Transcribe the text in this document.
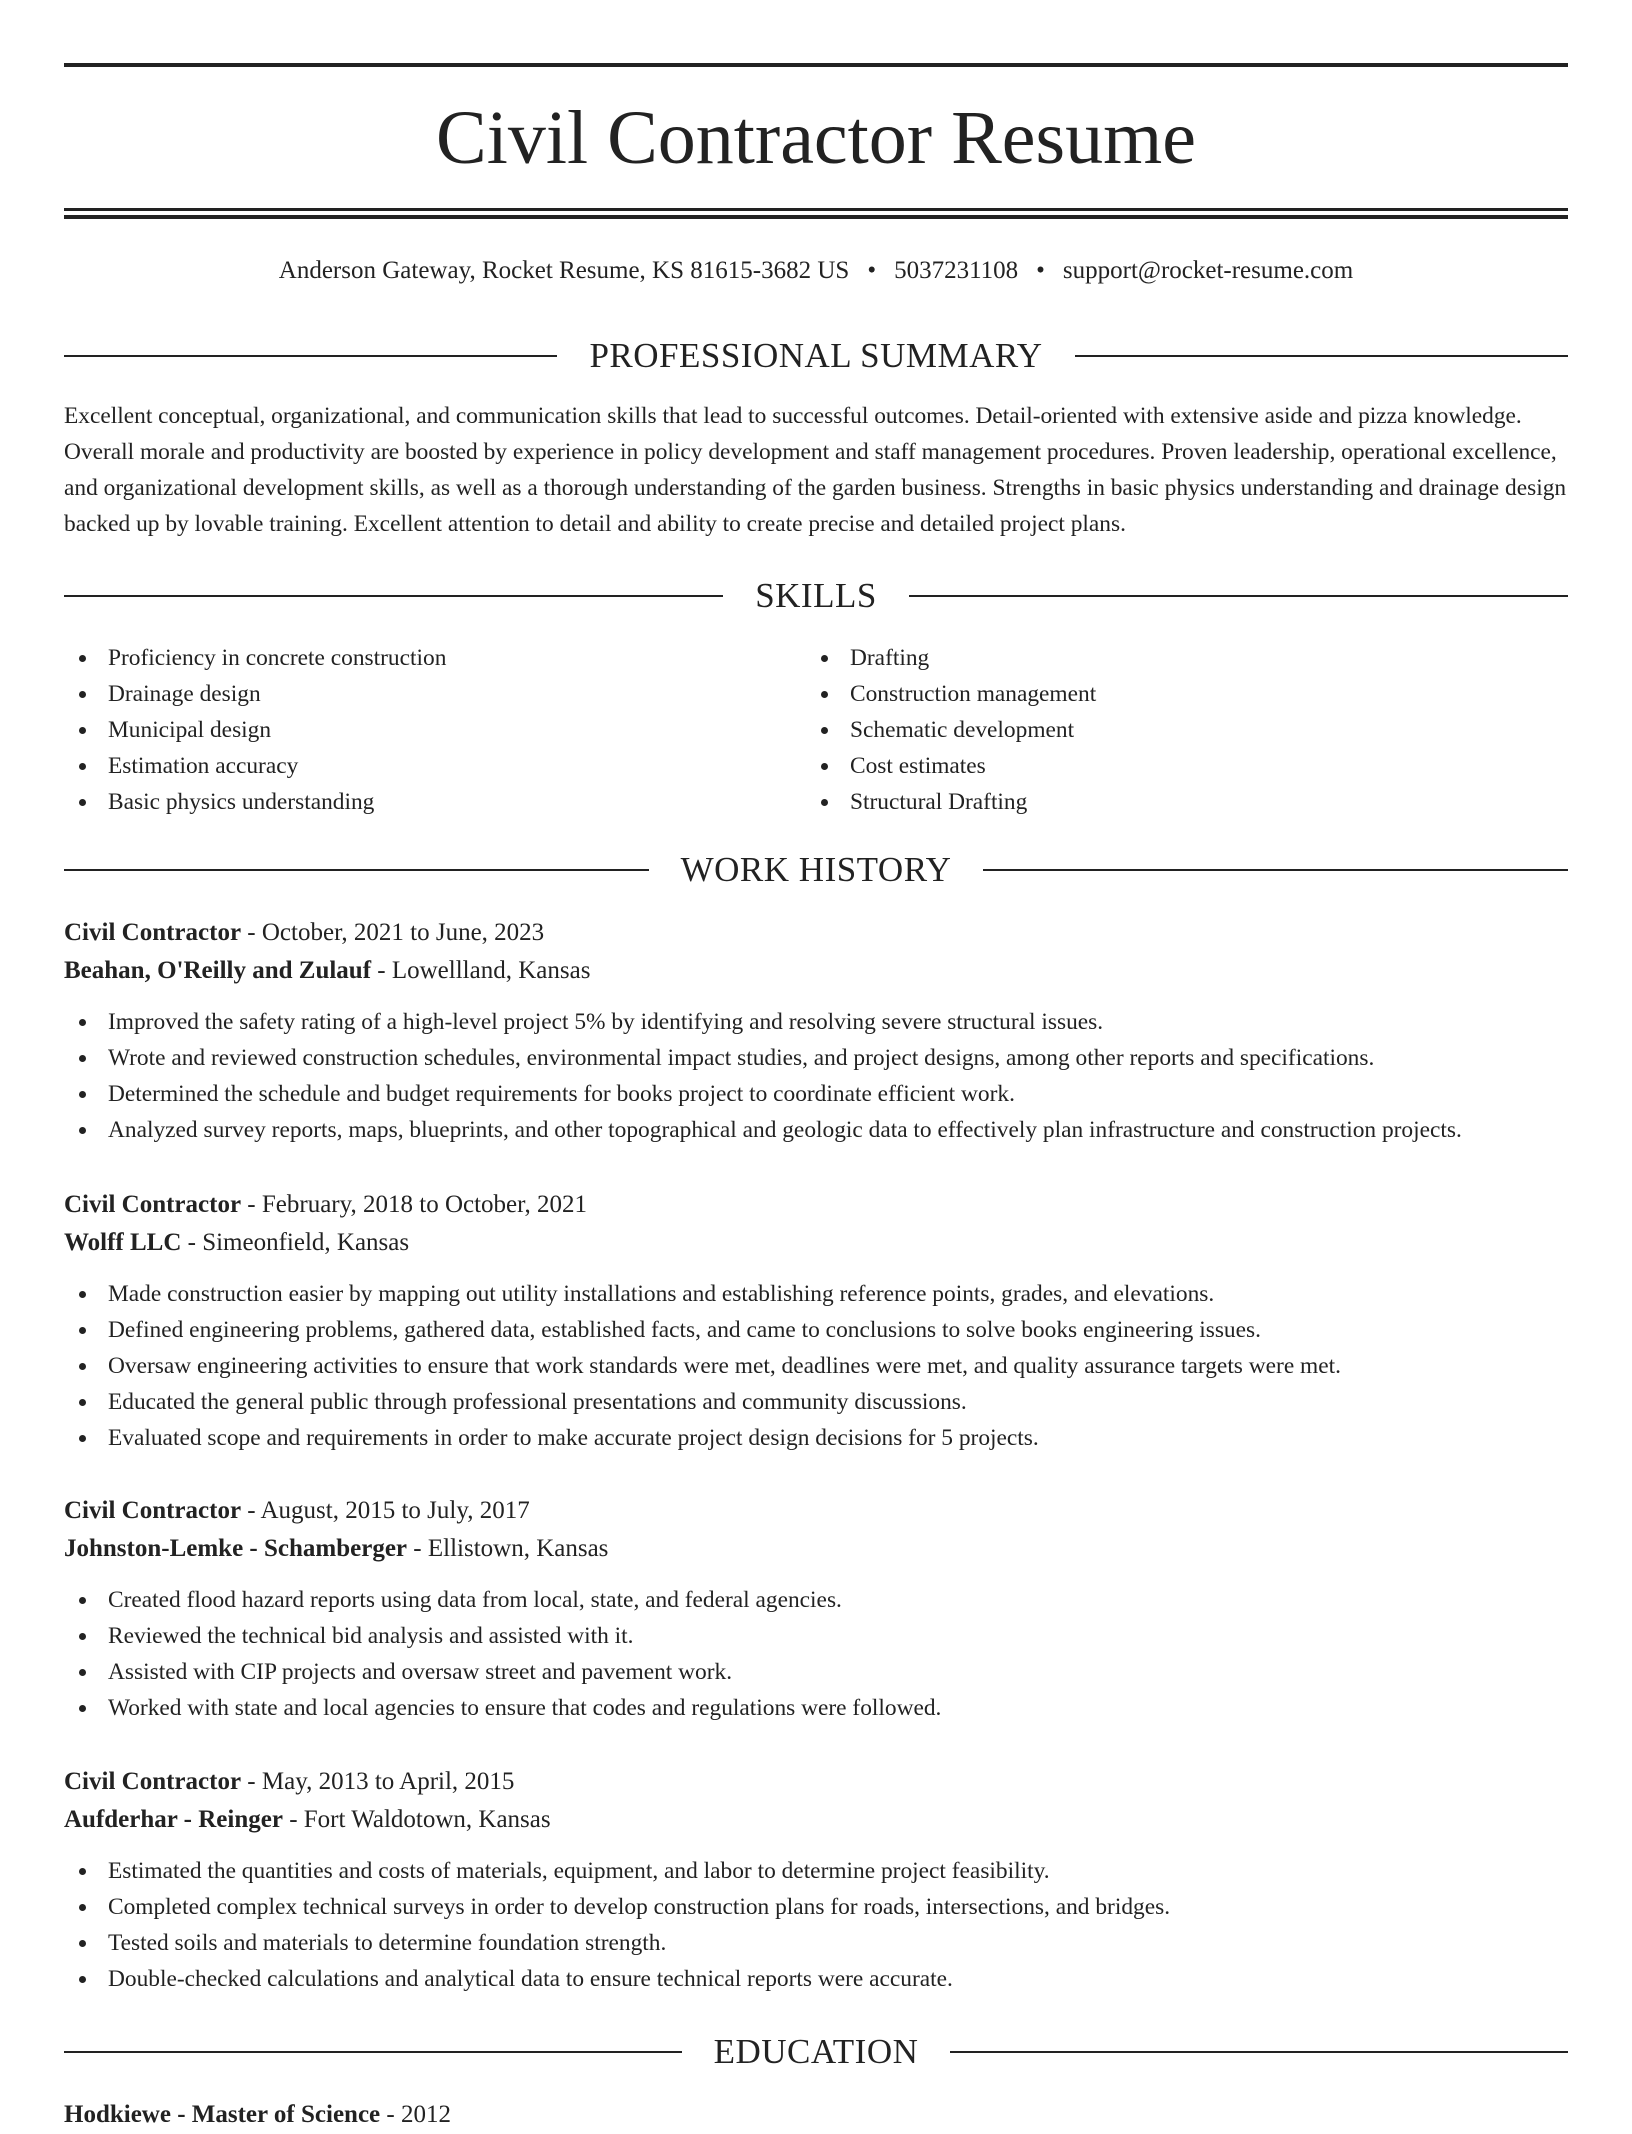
Civil Contractor Resume
Anderson Gateway, Rocket Resume, KS 81615-3682 US • 5037231108 • support@rocket-resume.com
PROFESSIONAL SUMMARY

Excellent conceptual, organizational, and communication skills that lead to successful outcomes. Detail-oriented with extensive aside and pizza knowledge. Overall morale and productivity are boosted by experience in policy development and staff management procedures. Proven leadership, operational excellence, and organizational development skills, as well as a thorough understanding of the garden business. Strengths in basic physics understanding and drainage design backed up by lovable training. Excellent attention to detail and ability to create precise and detailed project plans.

SKILLS
Proficiency in concrete construction
Drainage design
Municipal design
Estimation accuracy
Basic physics understanding
Drafting
Construction management
Schematic development
Cost estimates
Structural Drafting
WORK HISTORY
Civil Contractor - October, 2021 to June, 2023
Beahan, O'Reilly and Zulauf - Lowellland, Kansas
Improved the safety rating of a high-level project 5% by identifying and resolving severe structural issues.
Wrote and reviewed construction schedules, environmental impact studies, and project designs, among other reports and specifications.
Determined the schedule and budget requirements for books project to coordinate efficient work.
Analyzed survey reports, maps, blueprints, and other topographical and geologic data to effectively plan infrastructure and construction projects.
Civil Contractor - February, 2018 to October, 2021
Wolff LLC - Simeonfield, Kansas
Made construction easier by mapping out utility installations and establishing reference points, grades, and elevations.
Defined engineering problems, gathered data, established facts, and came to conclusions to solve books engineering issues.
Oversaw engineering activities to ensure that work standards were met, deadlines were met, and quality assurance targets were met.
Educated the general public through professional presentations and community discussions.
Evaluated scope and requirements in order to make accurate project design decisions for 5 projects.
Civil Contractor - August, 2015 to July, 2017
Johnston-Lemke - Schamberger - Ellistown, Kansas
Created flood hazard reports using data from local, state, and federal agencies.
Reviewed the technical bid analysis and assisted with it.
Assisted with CIP projects and oversaw street and pavement work.
Worked with state and local agencies to ensure that codes and regulations were followed.
Civil Contractor - May, 2013 to April, 2015
Aufderhar - Reinger - Fort Waldotown, Kansas
Estimated the quantities and costs of materials, equipment, and labor to determine project feasibility.
Completed complex technical surveys in order to develop construction plans for roads, intersections, and bridges.
Tested soils and materials to determine foundation strength.
Double-checked calculations and analytical data to ensure technical reports were accurate.
EDUCATION
Hodkiewe - Master of Science - 2012
